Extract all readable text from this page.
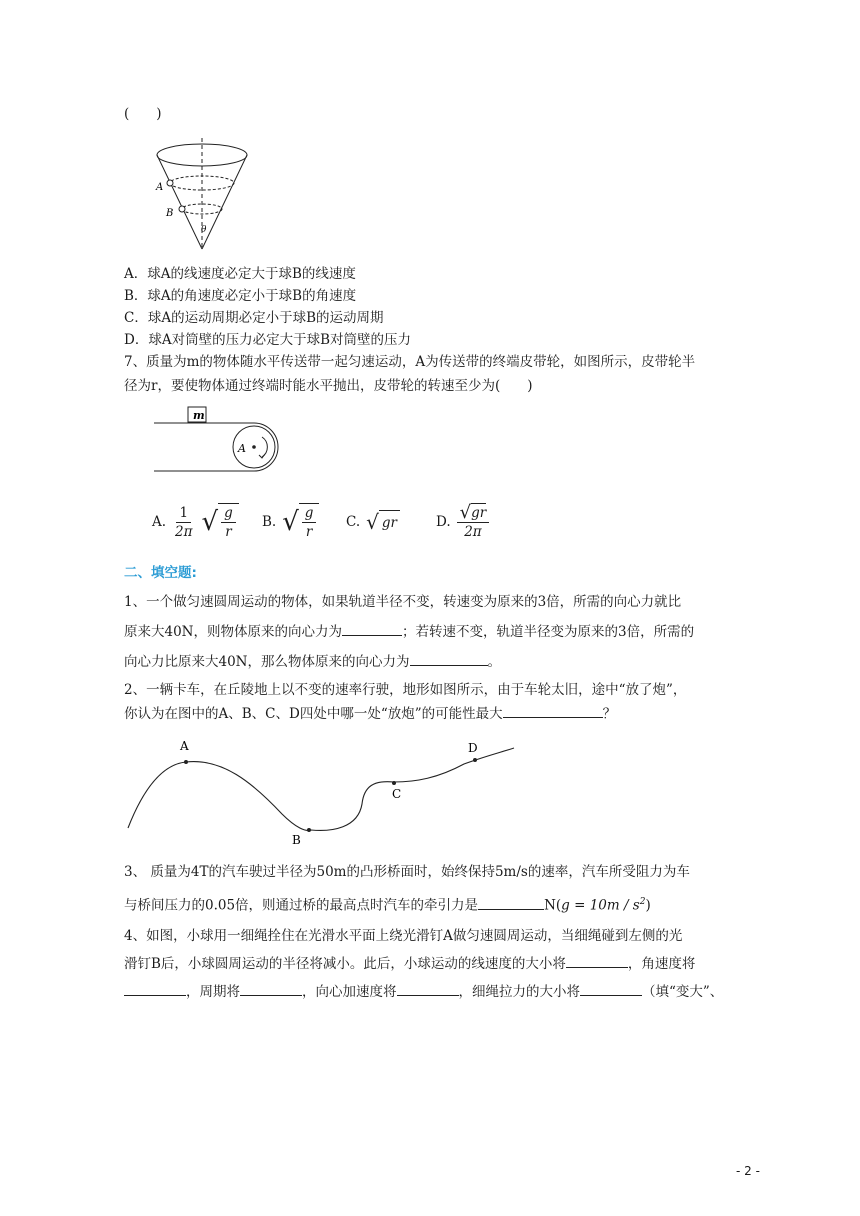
(　　)
A
B
θ
A．球A的线速度必定大于球B的线速度
B．球A的角速度必定小于球B的角速度
C．球A的运动周期必定小于球B的运动周期
D．球A对筒壁的压力必定大于球B对筒壁的压力
7、质量为m的物体随水平传送带一起匀速运动，A为传送带的终端皮带轮，如图所示，皮带轮半
径为r，要使物体通过终端时能水平抛出，皮带轮的转速至少为(　　)
m
A
A. $\frac{1}{2\pi}$ √ $\frac{g}{r} B$. √ $\frac{g}{r} C$. √ gr	D. $\frac{√ gr}{2\pi}$
二、填空题:
1、一个做匀速圆周运动的物体，如果轨道半径不变，转速变为原来的3倍，所需的向心力就比
原来大40N，则物体原来的向心力为	；若转速不变，轨道半径变为原来的3倍，所需的
向心力比原来大40N，那么物体原来的向心力为	。
2、一辆卡车，在丘陵地上以不变的速率行驶，地形如图所示，由于车轮太旧，途中“放了炮”，
你认为在图中的A、B、C、D四处中哪一处“放炮”的可能性最大	？
A
B
C
D
3、 质量为4T的汽车驶过半径为50m的凸形桥面时，始终保持5m/s的速率，汽车所受阻力为车
与桥间压力的0.05倍，则通过桥的最高点时汽车的牵引力是	$N(g = 10m / s^2)$
4、如图，小球用一细绳拴住在光滑水平面上绕光滑钉A做匀速圆周运动，当细绳碰到左侧的光
滑钉B后，小球圆周运动的半径将减小。此后，小球运动的线速度的大小将	，角速度将
，周期将	，向心加速度将	，细绳拉力的大小将	（填“变大”、
- 2 -
